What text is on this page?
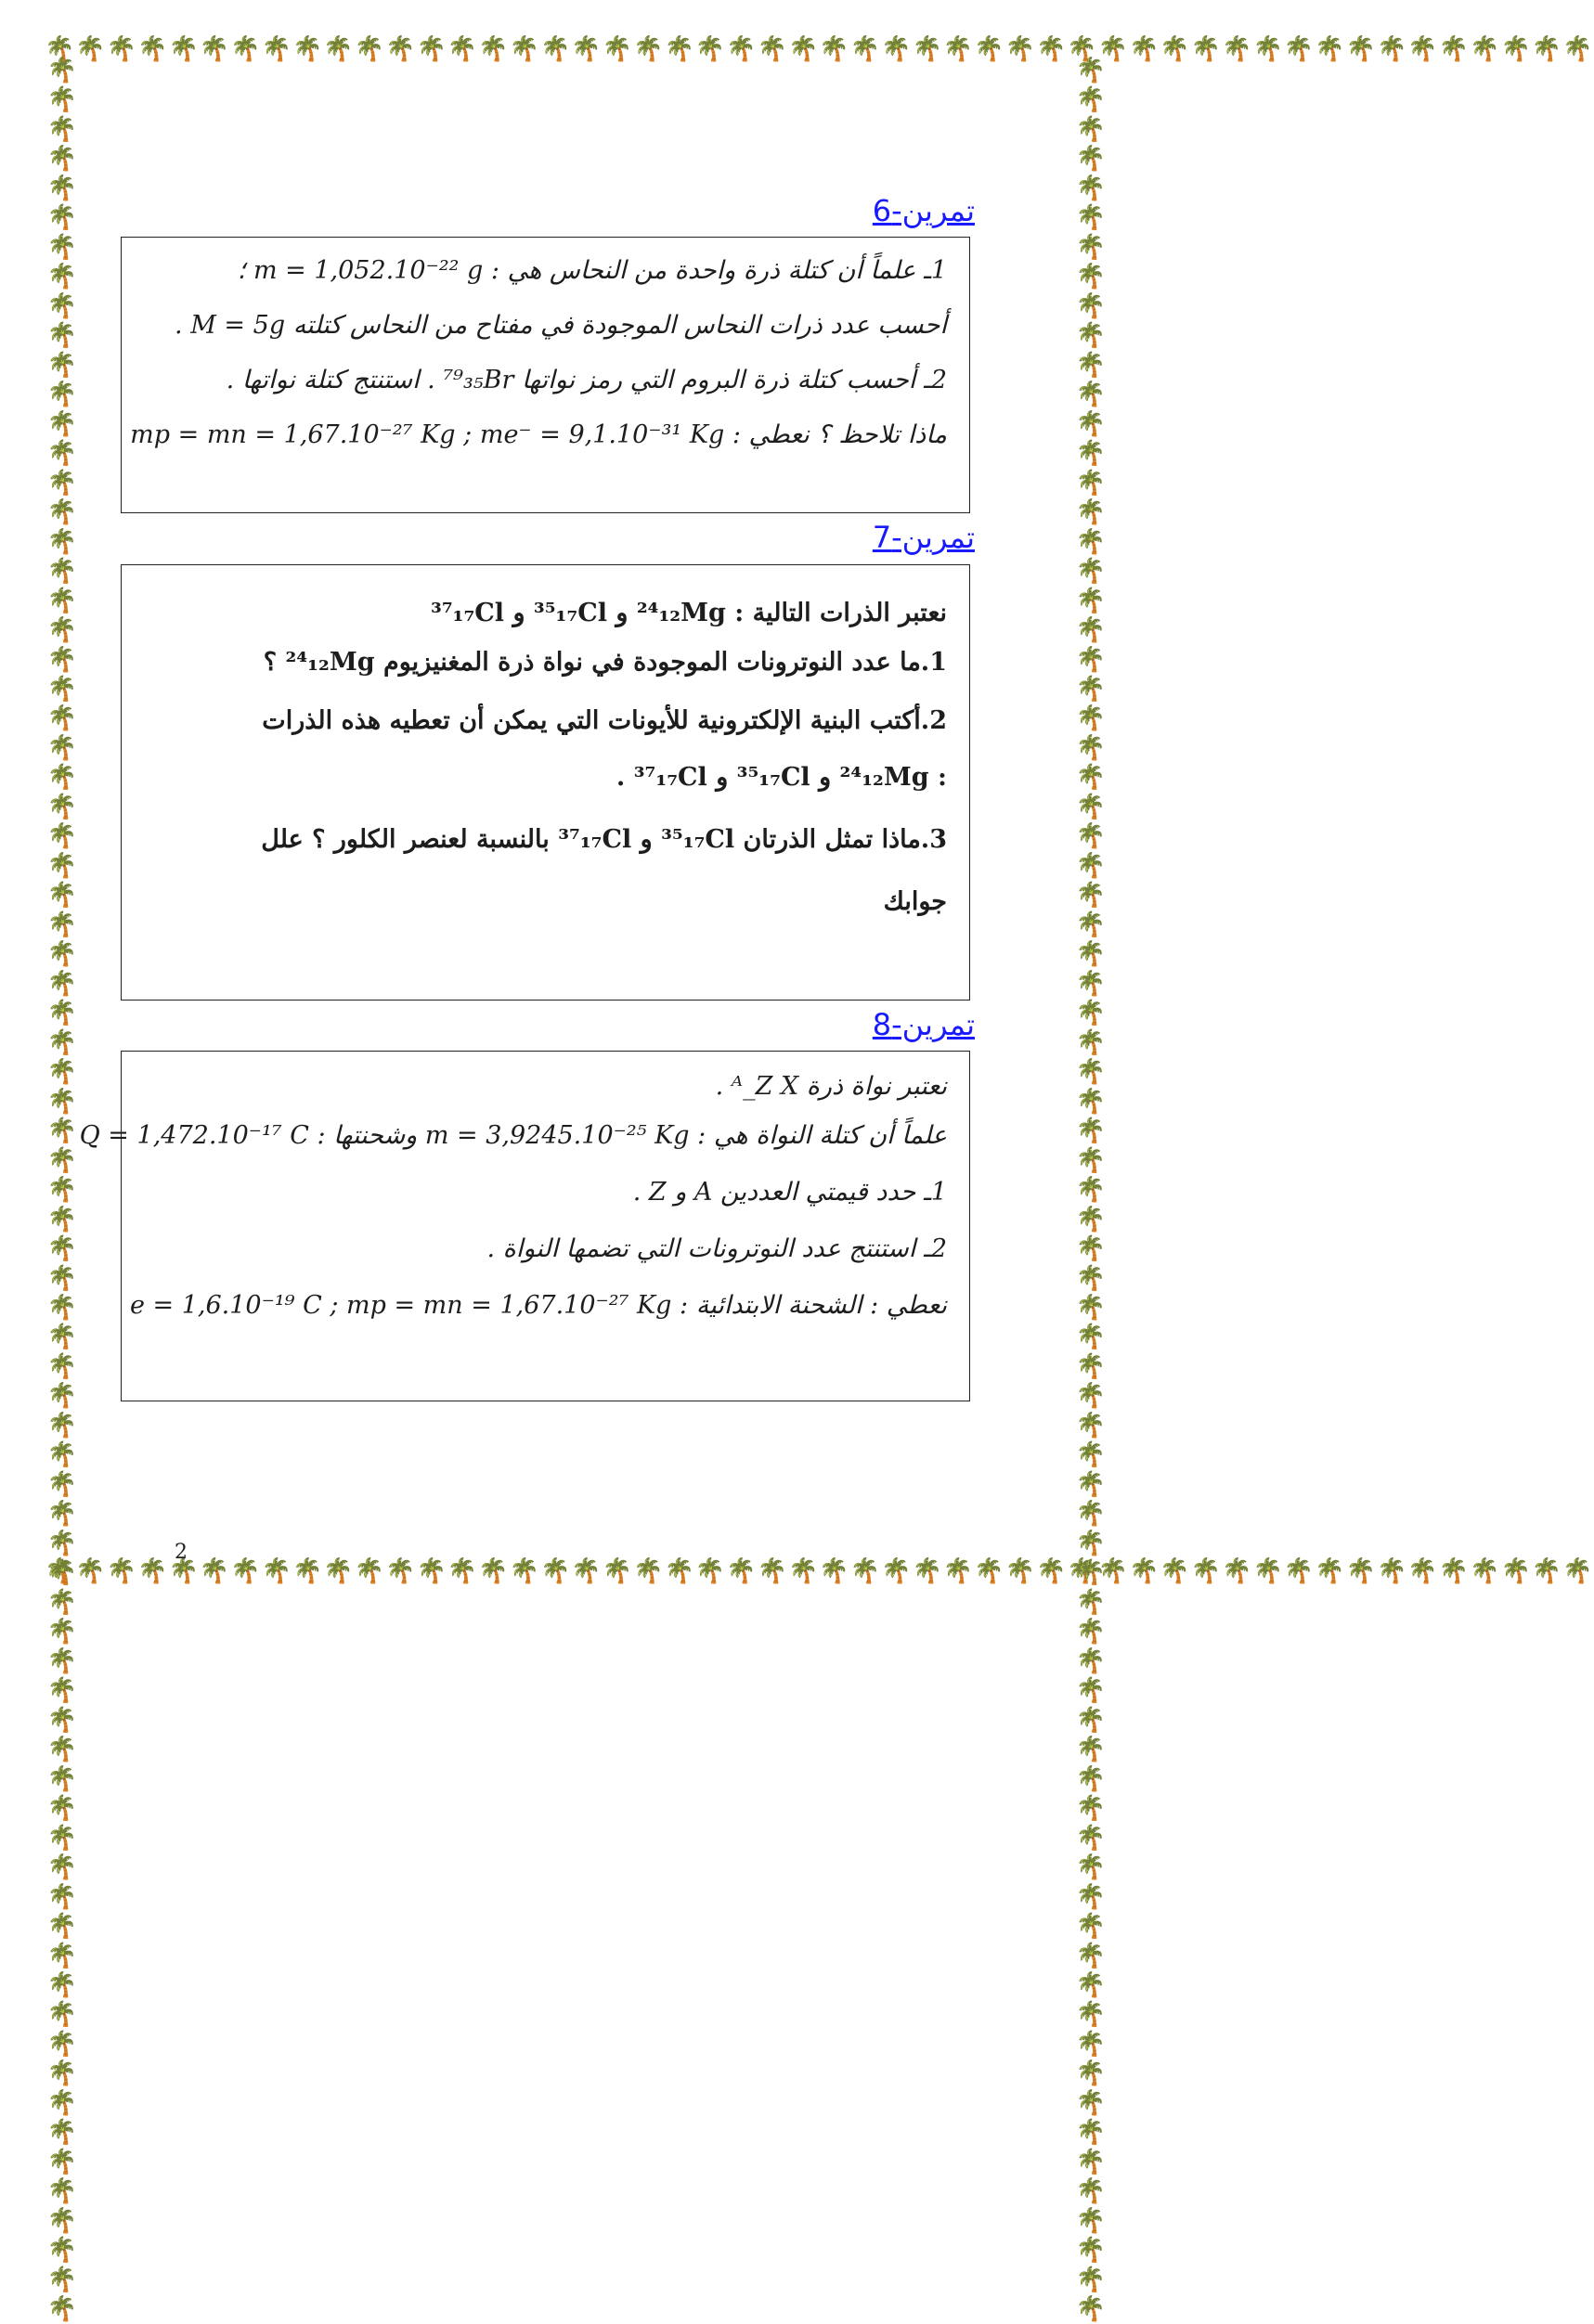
🌴🌴🌴🌴🌴🌴🌴🌴🌴🌴🌴🌴🌴🌴🌴🌴🌴🌴🌴🌴🌴🌴🌴🌴🌴🌴🌴🌴🌴🌴🌴🌴🌴🌴🌴🌴🌴🌴🌴🌴🌴🌴🌴🌴🌴🌴🌴🌴🌴🌴
🌴🌴🌴🌴🌴🌴🌴🌴🌴🌴🌴🌴🌴🌴🌴🌴🌴🌴🌴🌴🌴🌴🌴🌴🌴🌴🌴🌴🌴🌴🌴🌴🌴🌴🌴🌴🌴🌴🌴🌴🌴🌴🌴🌴🌴🌴🌴🌴🌴🌴
🌴🌴🌴🌴🌴🌴🌴🌴🌴🌴🌴🌴🌴🌴🌴🌴🌴🌴🌴🌴🌴🌴🌴🌴🌴🌴🌴🌴🌴🌴🌴🌴🌴🌴🌴🌴🌴🌴🌴🌴🌴🌴🌴🌴🌴🌴🌴🌴🌴🌴🌴🌴🌴🌴🌴🌴🌴🌴🌴🌴🌴🌴🌴🌴🌴🌴🌴🌴🌴🌴🌴🌴🌴🌴🌴🌴🌴	🌴🌴🌴🌴🌴🌴🌴🌴🌴🌴🌴🌴🌴🌴🌴🌴🌴🌴🌴🌴🌴🌴🌴🌴🌴🌴🌴🌴🌴🌴🌴🌴🌴🌴🌴🌴🌴🌴🌴🌴🌴🌴🌴🌴🌴🌴🌴🌴🌴🌴🌴🌴🌴🌴🌴🌴🌴🌴🌴🌴🌴🌴🌴🌴🌴🌴🌴🌴🌴🌴🌴🌴🌴🌴🌴🌴🌴
تمرين-6

1ـ علماً أن كتلة ذرة واحدة من النحاس هي : m = 1,052.10⁻²² g ؛

أحسب عدد ذرات النحاس الموجودة في مفتاح من النحاس كتلته M = 5g .

2ـ أحسب كتلة ذرة البروم التي رمز نواتها ⁷⁹₃₅Br . استنتج كتلة نواتها .

ماذا تلاحظ ؟ نعطي : mp = mn = 1,67.10⁻²⁷ Kg ; me⁻ = 9,1.10⁻³¹ Kg

تمرين-7

نعتبر الذرات التالية : ²⁴₁₂Mg و ³⁵₁₇Cl و ³⁷₁₇Cl

1.ما عدد النوترونات الموجودة في نواة ذرة المغنيزيوم ²⁴₁₂Mg ؟

2.أكتب البنية الإلكترونية للأيونات التي يمكن أن تعطيه هذه الذرات

: ²⁴₁₂Mg و ³⁵₁₇Cl و ³⁷₁₇Cl .

3.ماذا تمثل الذرتان ³⁵₁₇Cl و ³⁷₁₇Cl بالنسبة لعنصر الكلور ؟ علل

جوابك

تمرين-8

نعتبر نواة ذرة ᴬ_Z X .

علماً أن كتلة النواة هي : m = 3,9245.10⁻²⁵ Kg وشحنتها : Q = 1,472.10⁻¹⁷ C

1ـ حدد قيمتي العددين A و Z .

2ـ استنتج عدد النوترونات التي تضمها النواة .

نعطي : الشحنة الابتدائية : e = 1,6.10⁻¹⁹ C ; mp = mn = 1,67.10⁻²⁷ Kg

2
